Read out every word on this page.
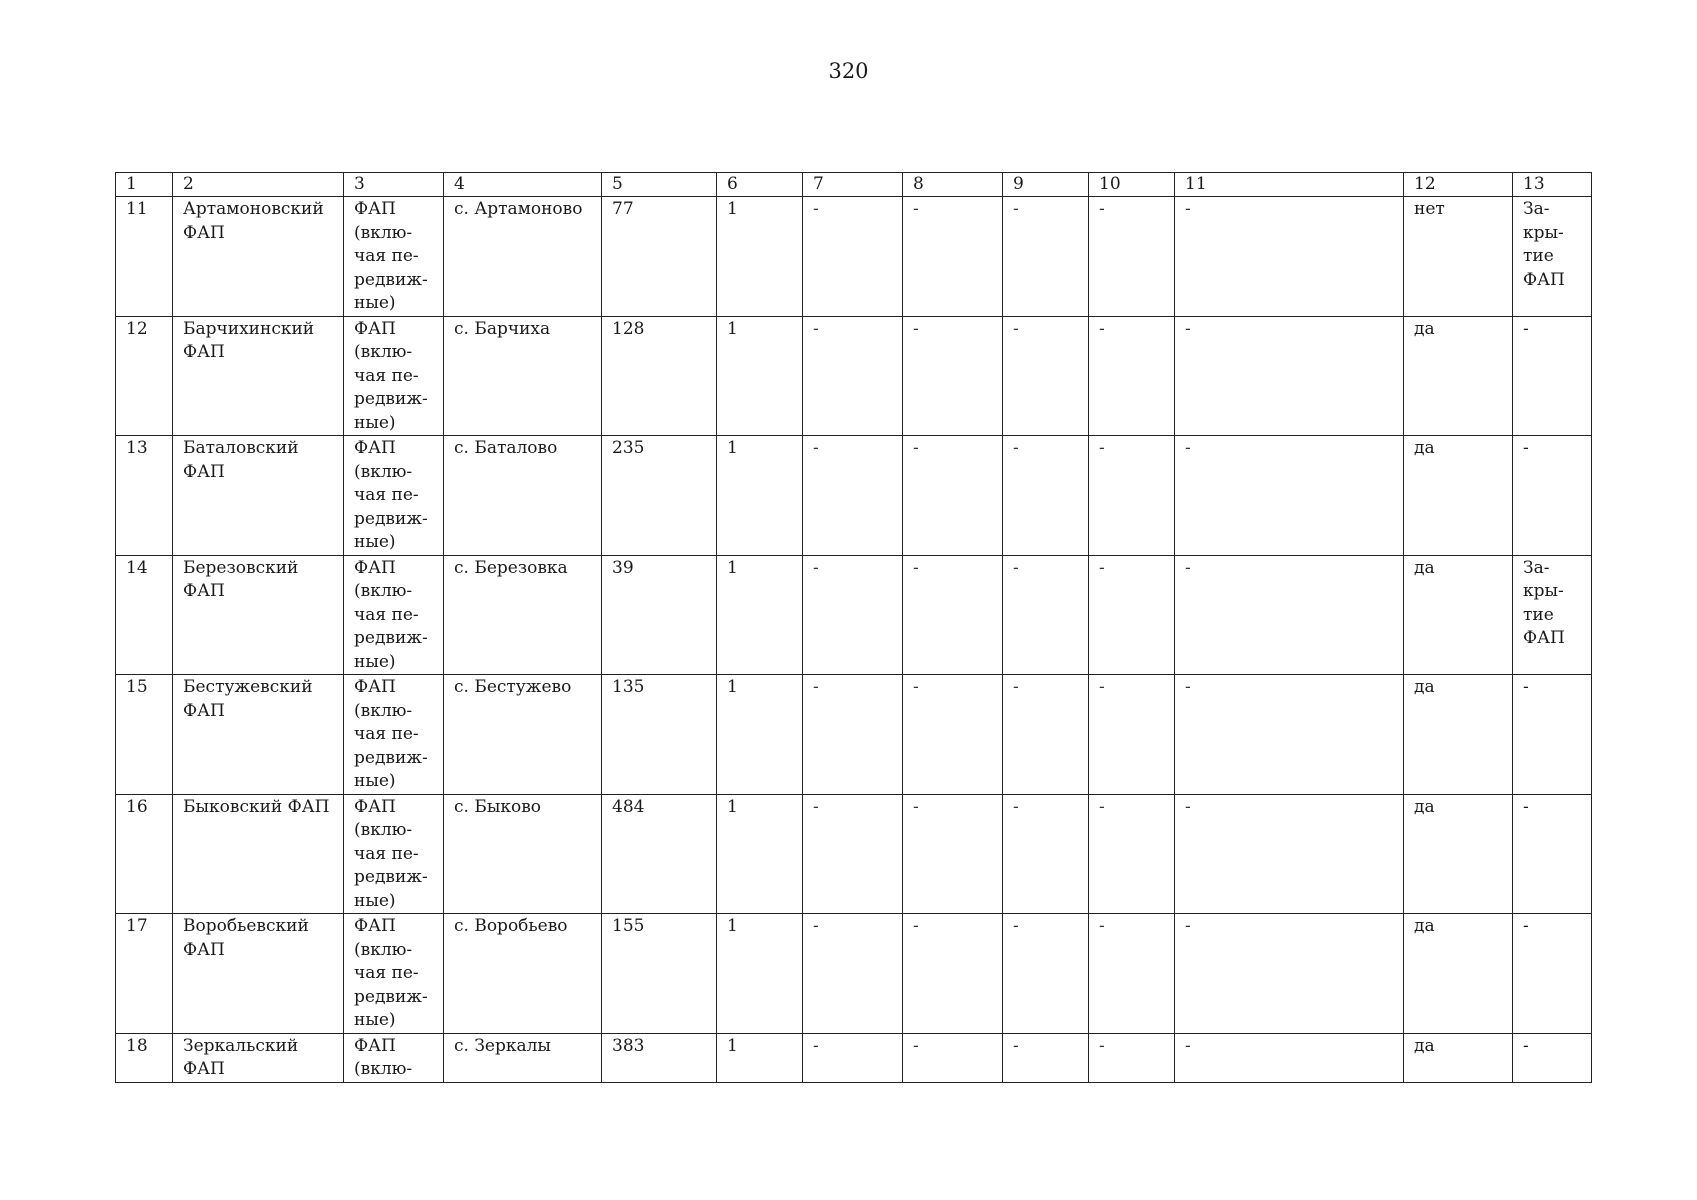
320
1	2	3	4	5	6	7	8	9	10	11	12	13
11	Артамоновский ФАП	ФАП (вклю- чая пе- редвиж- ные)	с. Артамоново	77	1	-	-	-	-	-	нет	За- кры- тие ФАП
12	Барчихинский ФАП	ФАП (вклю- чая пе- редвиж- ные)	с. Барчиха	128	1	-	-	-	-	-	да	-
13	Баталовский ФАП	ФАП (вклю- чая пе- редвиж- ные)	с. Баталово	235	1	-	-	-	-	-	да	-
14	Березовский ФАП	ФАП (вклю- чая пе- редвиж- ные)	с. Березовка	39	1	-	-	-	-	-	да	За- кры- тие ФАП
15	Бестужевский ФАП	ФАП (вклю- чая пе- редвиж- ные)	с. Бестужево	135	1	-	-	-	-	-	да	-
16	Быковский ФАП	ФАП (вклю- чая пе- редвиж- ные)	с. Быково	484	1	-	-	-	-	-	да	-
17	Воробьевский ФАП	ФАП (вклю- чая пе- редвиж- ные)	с. Воробьево	155	1	-	-	-	-	-	да	-
18	Зеркальский ФАП	ФАП (вклю-	с. Зеркалы	383	1	-	-	-	-	-	да	-
